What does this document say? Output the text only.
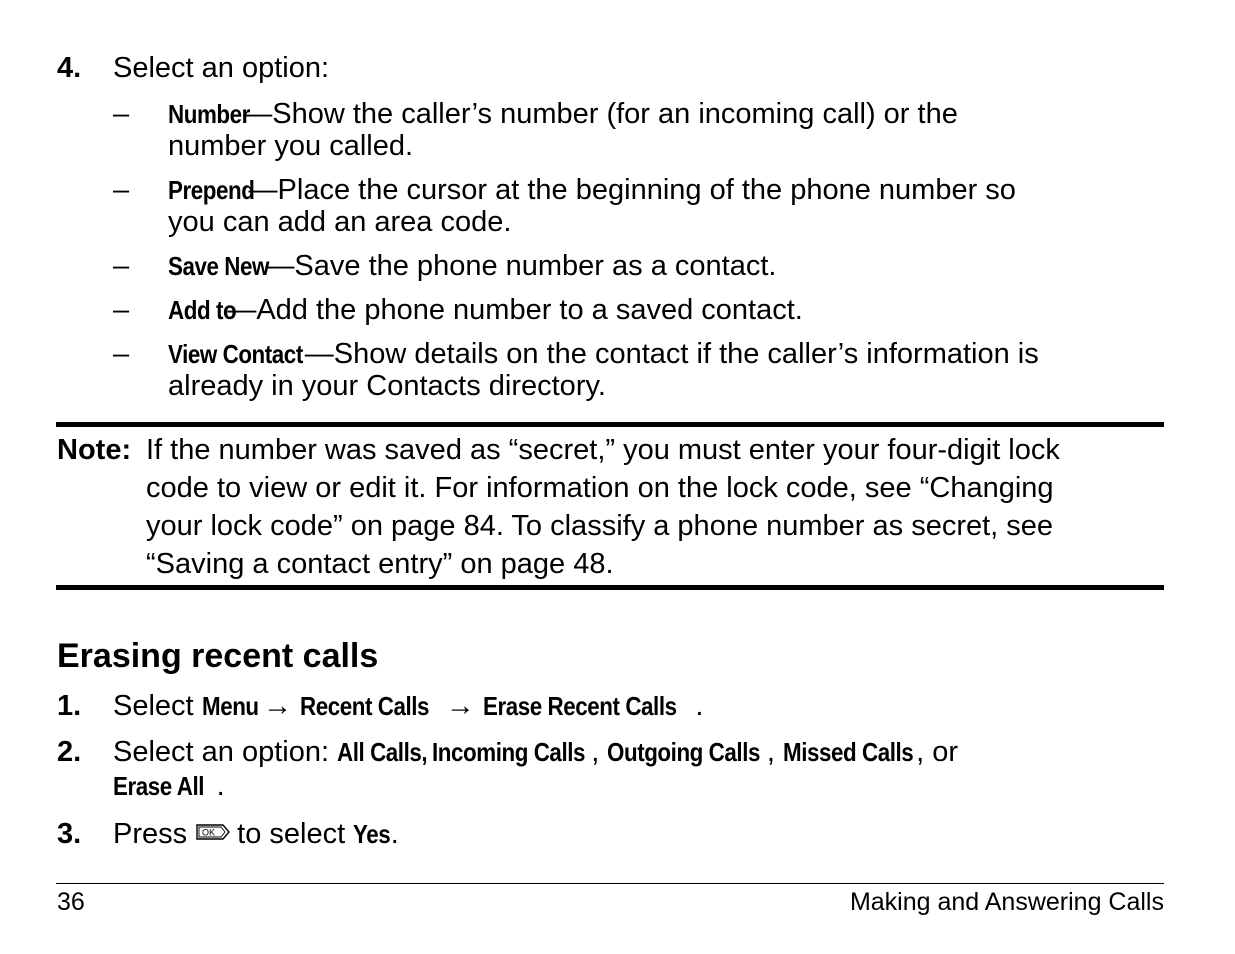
4. Select an option:
– Number—Show the caller’s number (for an incoming call) or the
number you called.
– Prepend—Place the cursor at the beginning of the phone number so
you can add an area code.
– Save New—Save the phone number as a contact.
– Add to—Add the phone number to a saved contact.
– View Contact—Show details on the contact if the caller’s information is
already in your Contacts directory.
Note: If the number was saved as “secret,” you must enter your four-digit lock
code to view or edit it. For information on the lock code, see “Changing
your lock code” on page 84. To classify a phone number as secret, see
“Saving a contact entry” on page 48.
Erasing recent calls
1. Select Menu → Recent Calls → Erase Recent Calls .
2. Select an option: All Calls, Incoming Calls , Outgoing Calls , Missed Calls, or
Erase All .
3. Press OK to select Yes.
36	Making and Answering Calls
